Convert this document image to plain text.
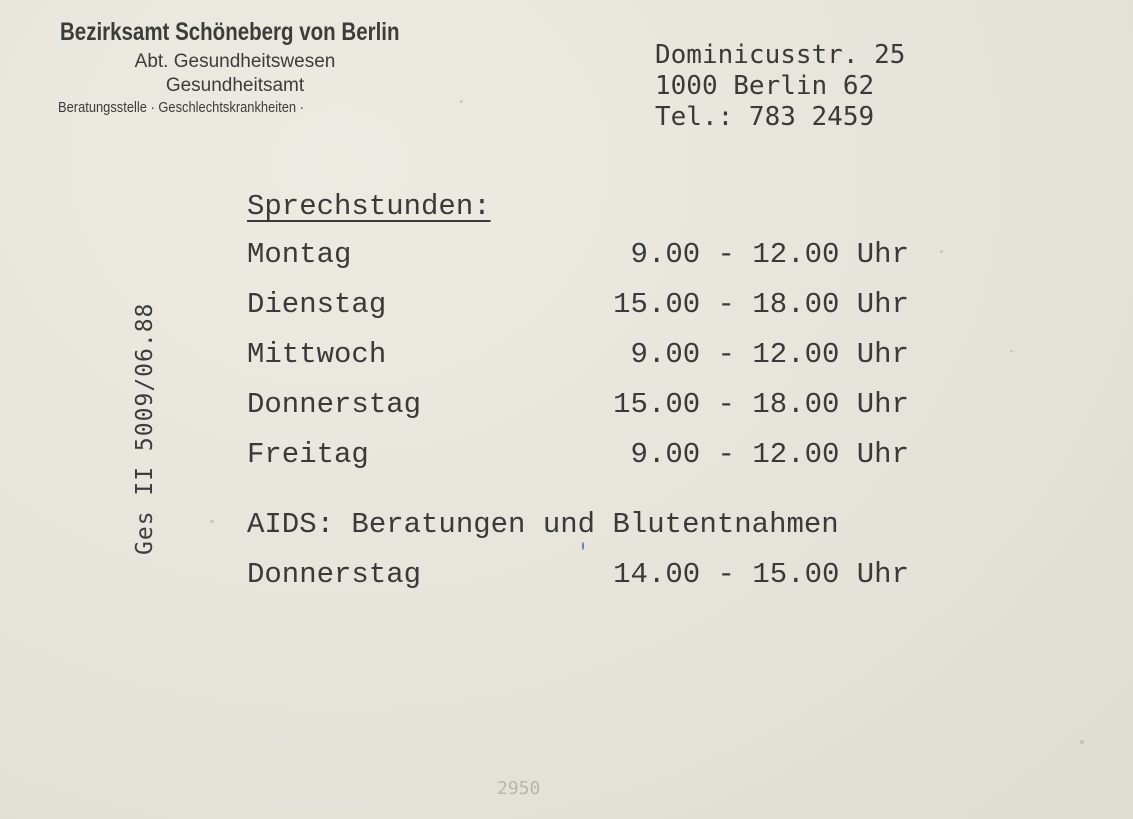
Bezirksamt Schöneberg von Berlin
Abt. Gesundheitswesen
Gesundheitsamt
Beratungsstelle · Geschlechtskrankheiten ·
Dominicusstr. 25
1000 Berlin 62
Tel.: 783 2459
Ges II 5009/06.88
Sprechstunden:
Montag	9.00 - 12.00 Uhr
Dienstag	15.00 - 18.00 Uhr
Mittwoch	9.00 - 12.00 Uhr
Donnerstag	15.00 - 18.00 Uhr
Freitag	9.00 - 12.00 Uhr
AIDS: Beratungen und Blutentnahmen
Donnerstag	14.00 - 15.00 Uhr
2950
